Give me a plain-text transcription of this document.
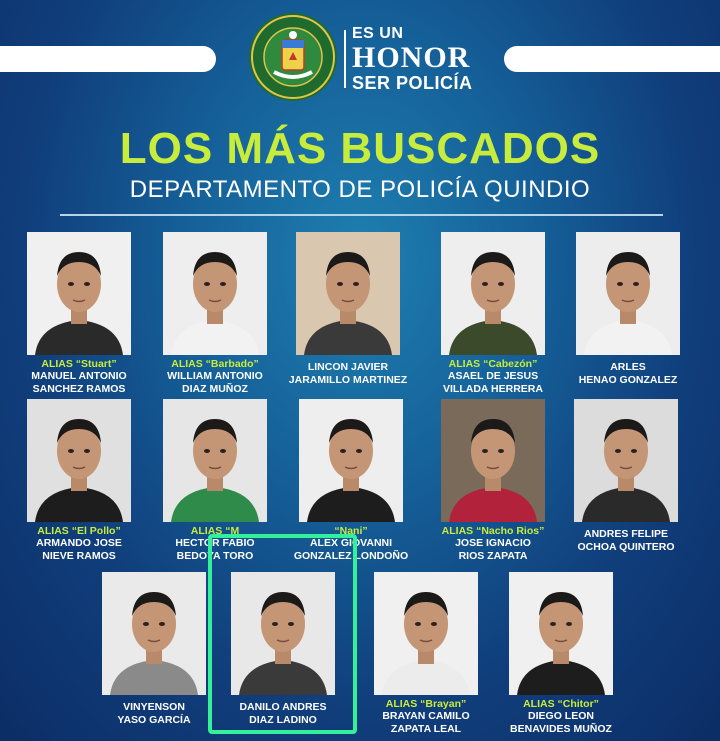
ES UN
HONOR
SER POLICÍA
LOS MÁS BUSCADOS
DEPARTAMENTO DE POLICÍA QUINDIO
ALIAS “Stuart”
MANUEL ANTONIO
SANCHEZ RAMOS
ALIAS “Barbado”
WILLIAM ANTONIO
DIAZ MUÑOZ
LINCON JAVIER
JARAMILLO MARTINEZ
ALIAS “Cabezón”
ASAEL DE JESUS
VILLADA HERRERA
ARLES
HENAO GONZALEZ
ALIAS “El Pollo”
ARMANDO JOSE
NIEVE RAMOS
ALIAS “M
HECTOR FABIO
BEDOYA TORO
“Nani”
ALEX GIOVANNI
GONZALEZ LONDOÑO
ALIAS “Nacho Rios”
JOSE IGNACIO
RIOS ZAPATA
ANDRES FELIPE
OCHOA QUINTERO
VINYENSON
YASO GARCÍA
DANILO ANDRES
DIAZ LADINO
ALIAS “Brayan”
BRAYAN CAMILO
ZAPATA LEAL
ALIAS “Chitor”
DIEGO LEON
BENAVIDES MUÑOZ
